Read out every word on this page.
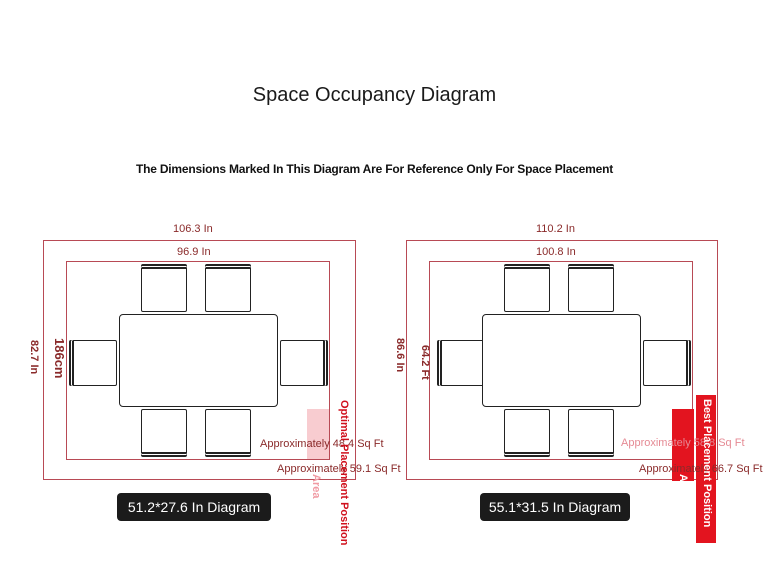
Space Occupancy Diagram
The Dimensions Marked In This Diagram Are For Reference Only For Space Placement
106.3 In
96.9 In
82.7 In 186cm
Approximately 48.4 Sq Ft
Approximately 59.1 Sq Ft
Optimal Placement Position
Area
51.2*27.6 In Diagram
110.2 In
100.8 In
86.6 In 64.2 Ft
Approximately 58.8 Sq Ft
Approximately 66.7 Sq Ft
Best Placement Position
Area
55.1*31.5 In Diagram
